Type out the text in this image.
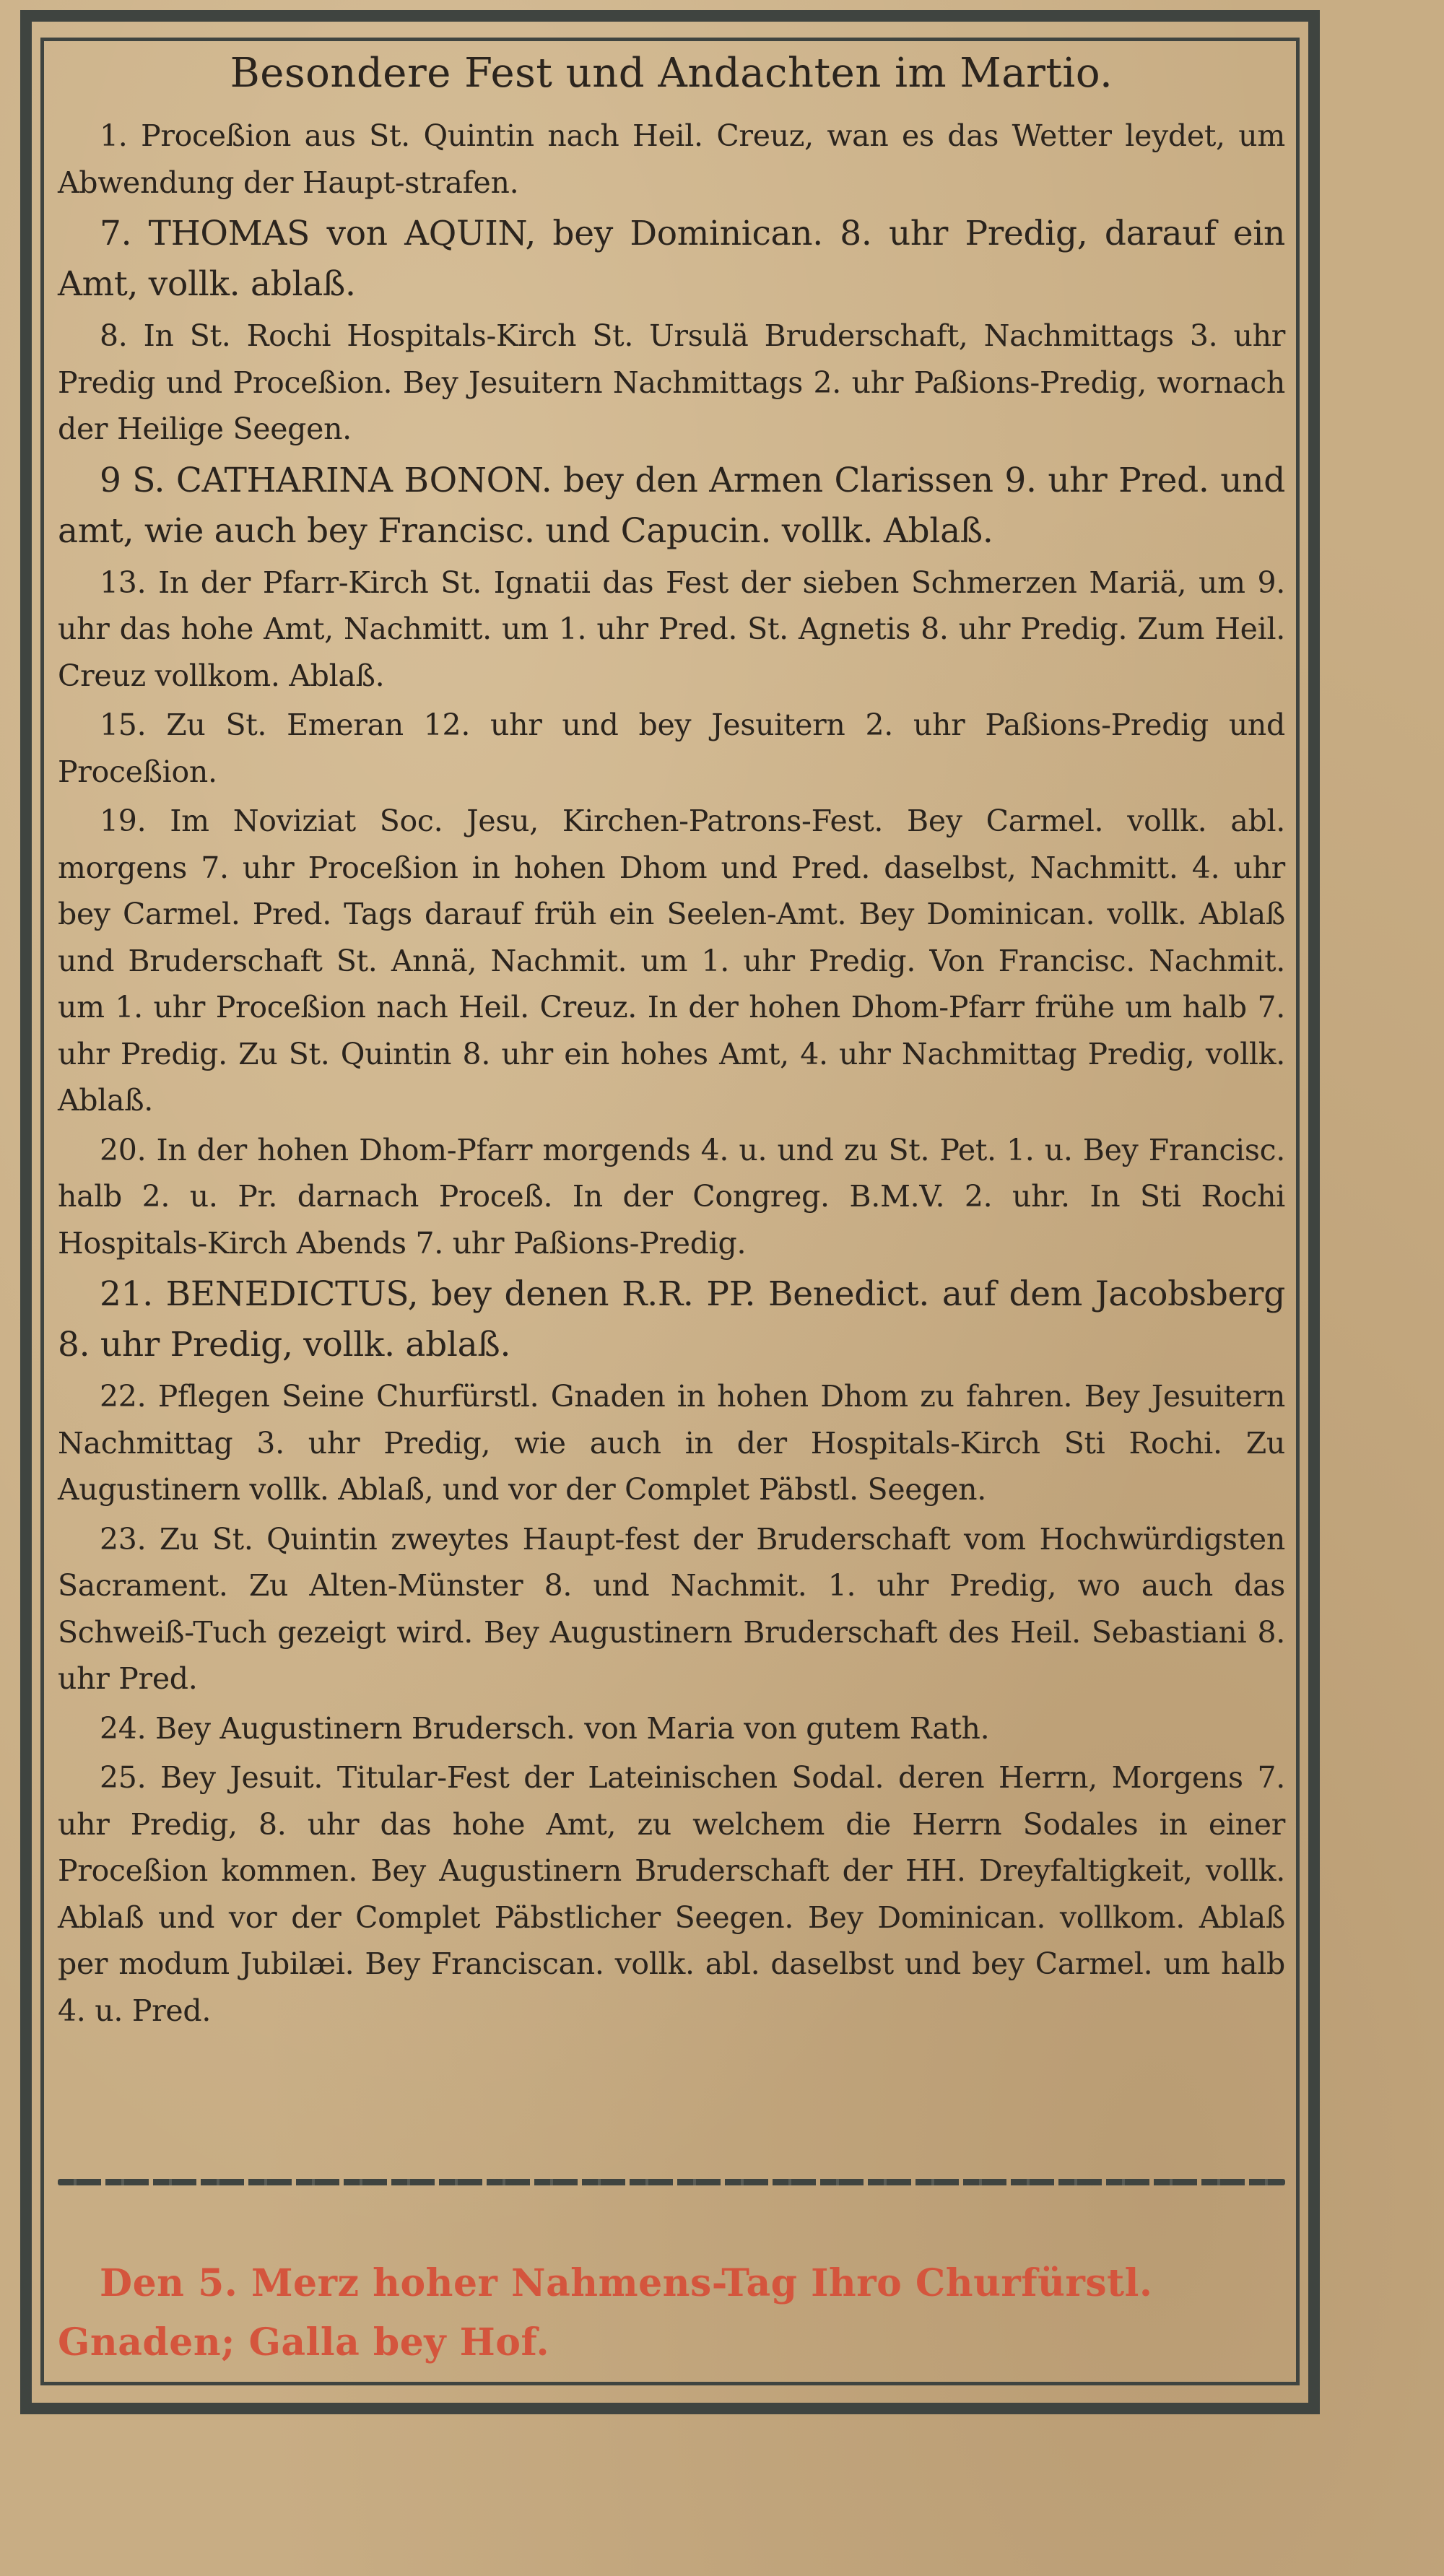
Besondere Fest und Andachten im Martio.

1. Proceßion aus St. Quintin nach Heil. Creuz, wan es das Wetter leydet, um Abwendung der Haupt-strafen.

7. THOMAS von AQUIN, bey Dominican. 8. uhr Predig, darauf ein Amt, vollk. ablaß.

8. In St. Rochi Hospitals-Kirch St. Ursulä Bruderschaft, Nachmittags 3. uhr Predig und Proceßion. Bey Jesuitern Nachmittags 2. uhr Paßions-Predig, wornach der Heilige Seegen.

9 S. CATHARINA BONON. bey den Armen Clarissen 9. uhr Pred. und amt, wie auch bey Francisc. und Capucin. vollk. Ablaß.

13. In der Pfarr-Kirch St. Ignatii das Fest der sieben Schmerzen Mariä, um 9. uhr das hohe Amt, Nachmitt. um 1. uhr Pred. St. Agnetis 8. uhr Predig. Zum Heil. Creuz vollkom. Ablaß.

15. Zu St. Emeran 12. uhr und bey Jesuitern 2. uhr Paßions-Predig und Proceßion.

19. Im Noviziat Soc. Jesu, Kirchen-Patrons-Fest. Bey Carmel. vollk. abl. morgens 7. uhr Proceßion in hohen Dhom und Pred. daselbst, Nachmitt. 4. uhr bey Carmel. Pred. Tags darauf früh ein Seelen-Amt. Bey Dominican. vollk. Ablaß und Bruderschaft St. Annä, Nachmit. um 1. uhr Predig. Von Francisc. Nachmit. um 1. uhr Proceßion nach Heil. Creuz. In der hohen Dhom-Pfarr frühe um halb 7. uhr Predig. Zu St. Quintin 8. uhr ein hohes Amt, 4. uhr Nachmittag Predig, vollk. Ablaß.

20. In der hohen Dhom-Pfarr morgends 4. u. und zu St. Pet. 1. u. Bey Francisc. halb 2. u. Pr. darnach Proceß. In der Congreg. B.M.V. 2. uhr. In Sti Rochi Hospitals-Kirch Abends 7. uhr Paßions-Predig.

21. BENEDICTUS, bey denen R.R. PP. Benedict. auf dem Jacobsberg 8. uhr Predig, vollk. ablaß.

22. Pflegen Seine Churfürstl. Gnaden in hohen Dhom zu fahren. Bey Jesuitern Nachmittag 3. uhr Predig, wie auch in der Hospitals-Kirch Sti Rochi. Zu Augustinern vollk. Ablaß, und vor der Complet Päbstl. Seegen.

23. Zu St. Quintin zweytes Haupt-fest der Bruderschaft vom Hochwürdigsten Sacrament. Zu Alten-Münster 8. und Nachmit. 1. uhr Predig, wo auch das Schweiß-Tuch gezeigt wird. Bey Augustinern Bruderschaft des Heil. Sebastiani 8. uhr Pred.

24. Bey Augustinern Brudersch. von Maria von gutem Rath.

25. Bey Jesuit. Titular-Fest der Lateinischen Sodal. deren Herrn, Morgens 7. uhr Predig, 8. uhr das hohe Amt, zu welchem die Herrn Sodales in einer Proceßion kommen. Bey Augustinern Bruderschaft der HH. Dreyfaltigkeit, vollk. Ablaß und vor der Complet Päbstlicher Seegen. Bey Dominican. vollkom. Ablaß per modum Jubilæi. Bey Franciscan. vollk. abl. daselbst und bey Carmel. um halb 4. u. Pred.

Den 5. Merz hoher Nahmens-Tag Ihro Churfürstl. Gnaden; Galla bey Hof.
